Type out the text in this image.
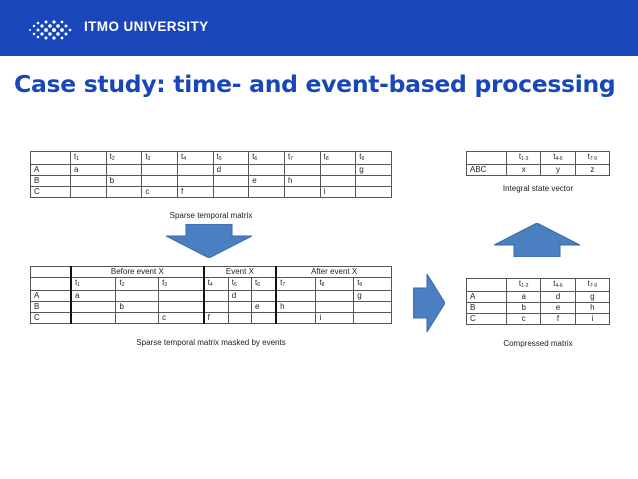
ITMO UNIVERSITY
Case study: time- and event-based processing
	$t_1$	$t_2$	$t_3$	$t_4$	$t_5$	$t_6$	$t_7$	$t_8$	$t_9$
A	a				d				g
B		b				e	h		
C			c	f				i	
Sparse temporal matrix
	$t_{1-3}$	$t_{4-6}$	$t_{7-9}$
ABC	x	y	z
Integral state vector
	Before event X			Event X			After event X		
	$t_1$	$t_2$	$t_3$	$t_4$	$t_5$	$t_6$	$t_7$	$t_8$	$t_9$
A	a				d				g
B		b				e	h		
C			c	f				i	
Sparse temporal matrix masked by events
	$t_{1-3}$	$t_{4-6}$	$t_{7-9}$
A	a	d	g
B	b	e	h
C	c	f	i
Compressed matrix
